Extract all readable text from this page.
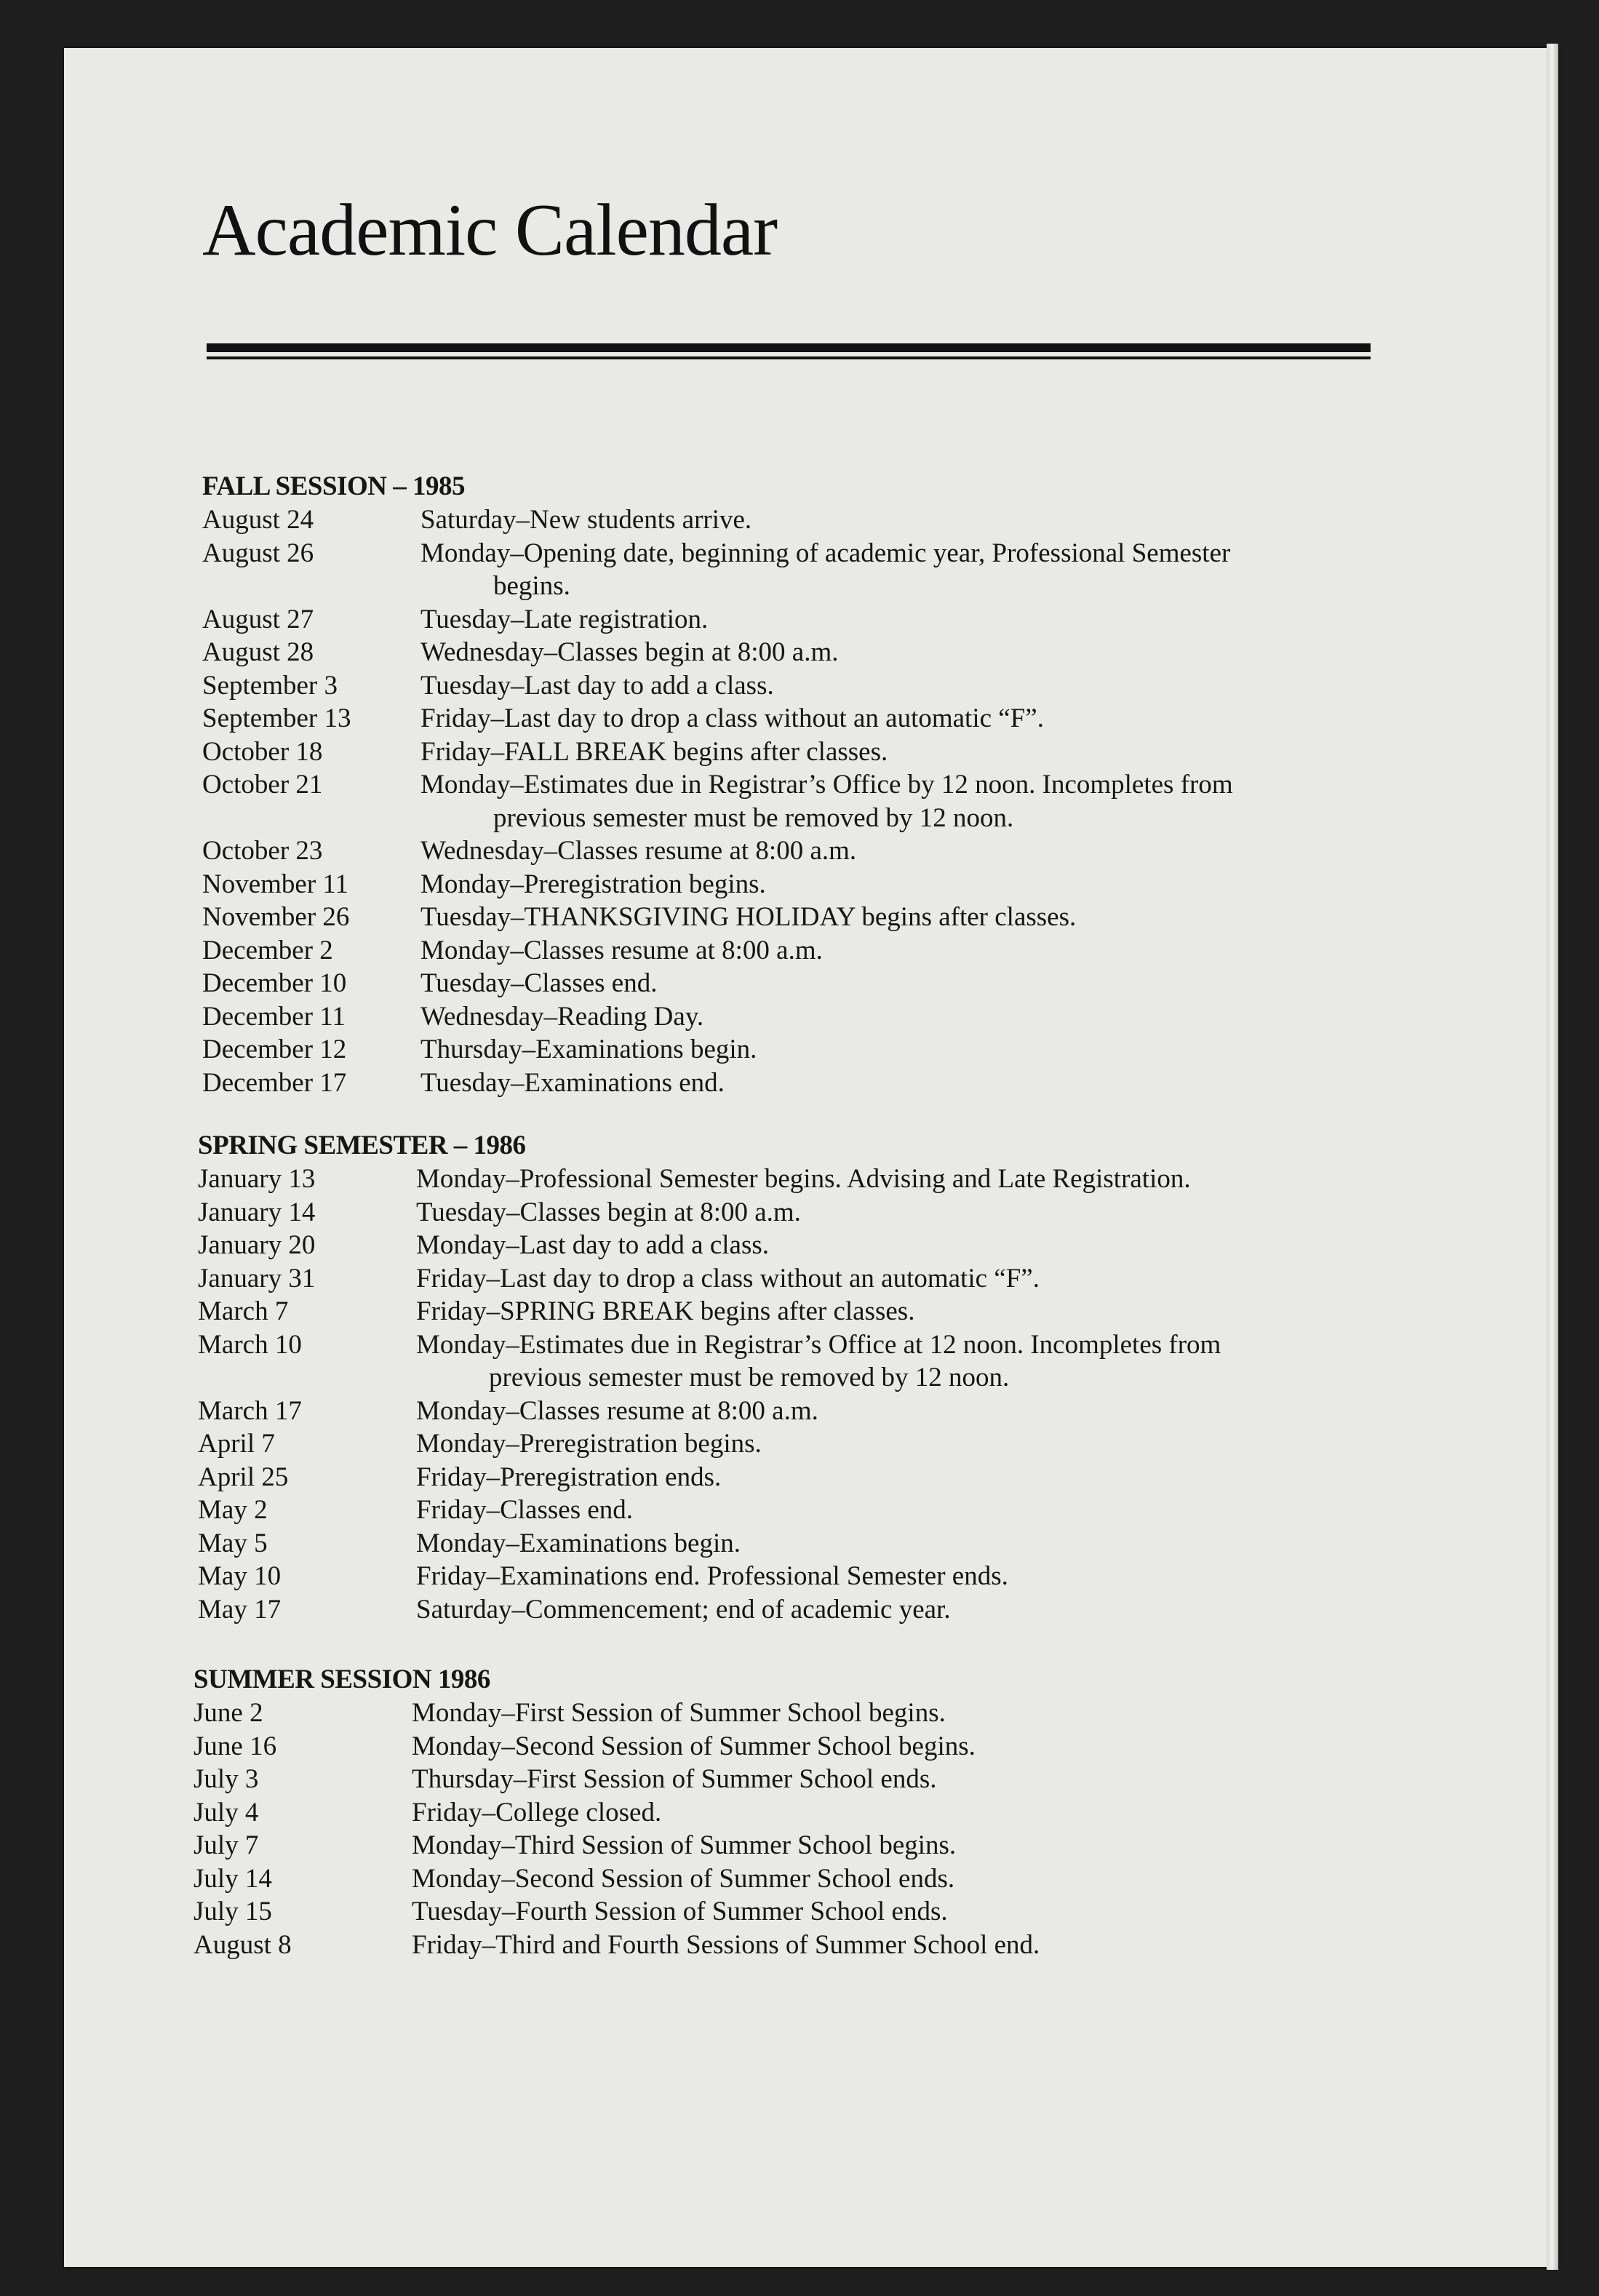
Academic Calendar
FALL SESSION – 1985
August 24	Saturday–New students arrive.
August 26	Monday–Opening date, beginning of academic year, Professional Semester
begins.
August 27	Tuesday–Late registration.
August 28	Wednesday–Classes begin at 8:00 a.m.
September 3	Tuesday–Last day to add a class.
September 13	Friday–Last day to drop a class without an automatic “F”.
October 18	Friday–FALL BREAK begins after classes.
October 21	Monday–Estimates due in Registrar’s Office by 12 noon. Incompletes from
previous semester must be removed by 12 noon.
October 23	Wednesday–Classes resume at 8:00 a.m.
November 11	Monday–Preregistration begins.
November 26	Tuesday–THANKSGIVING HOLIDAY begins after classes.
December 2	Monday–Classes resume at 8:00 a.m.
December 10	Tuesday–Classes end.
December 11	Wednesday–Reading Day.
December 12	Thursday–Examinations begin.
December 17	Tuesday–Examinations end.
SPRING SEMESTER – 1986
January 13	Monday–Professional Semester begins. Advising and Late Registration.
January 14	Tuesday–Classes begin at 8:00 a.m.
January 20	Monday–Last day to add a class.
January 31	Friday–Last day to drop a class without an automatic “F”.
March 7	Friday–SPRING BREAK begins after classes.
March 10	Monday–Estimates due in Registrar’s Office at 12 noon. Incompletes from
previous semester must be removed by 12 noon.
March 17	Monday–Classes resume at 8:00 a.m.
April 7	Monday–Preregistration begins.
April 25	Friday–Preregistration ends.
May 2	Friday–Classes end.
May 5	Monday–Examinations begin.
May 10	Friday–Examinations end. Professional Semester ends.
May 17	Saturday–Commencement; end of academic year.
SUMMER SESSION 1986
June 2	Monday–First Session of Summer School begins.
June 16	Monday–Second Session of Summer School begins.
July 3	Thursday–First Session of Summer School ends.
July 4	Friday–College closed.
July 7	Monday–Third Session of Summer School begins.
July 14	Monday–Second Session of Summer School ends.
July 15	Tuesday–Fourth Session of Summer School ends.
August 8	Friday–Third and Fourth Sessions of Summer School end.
